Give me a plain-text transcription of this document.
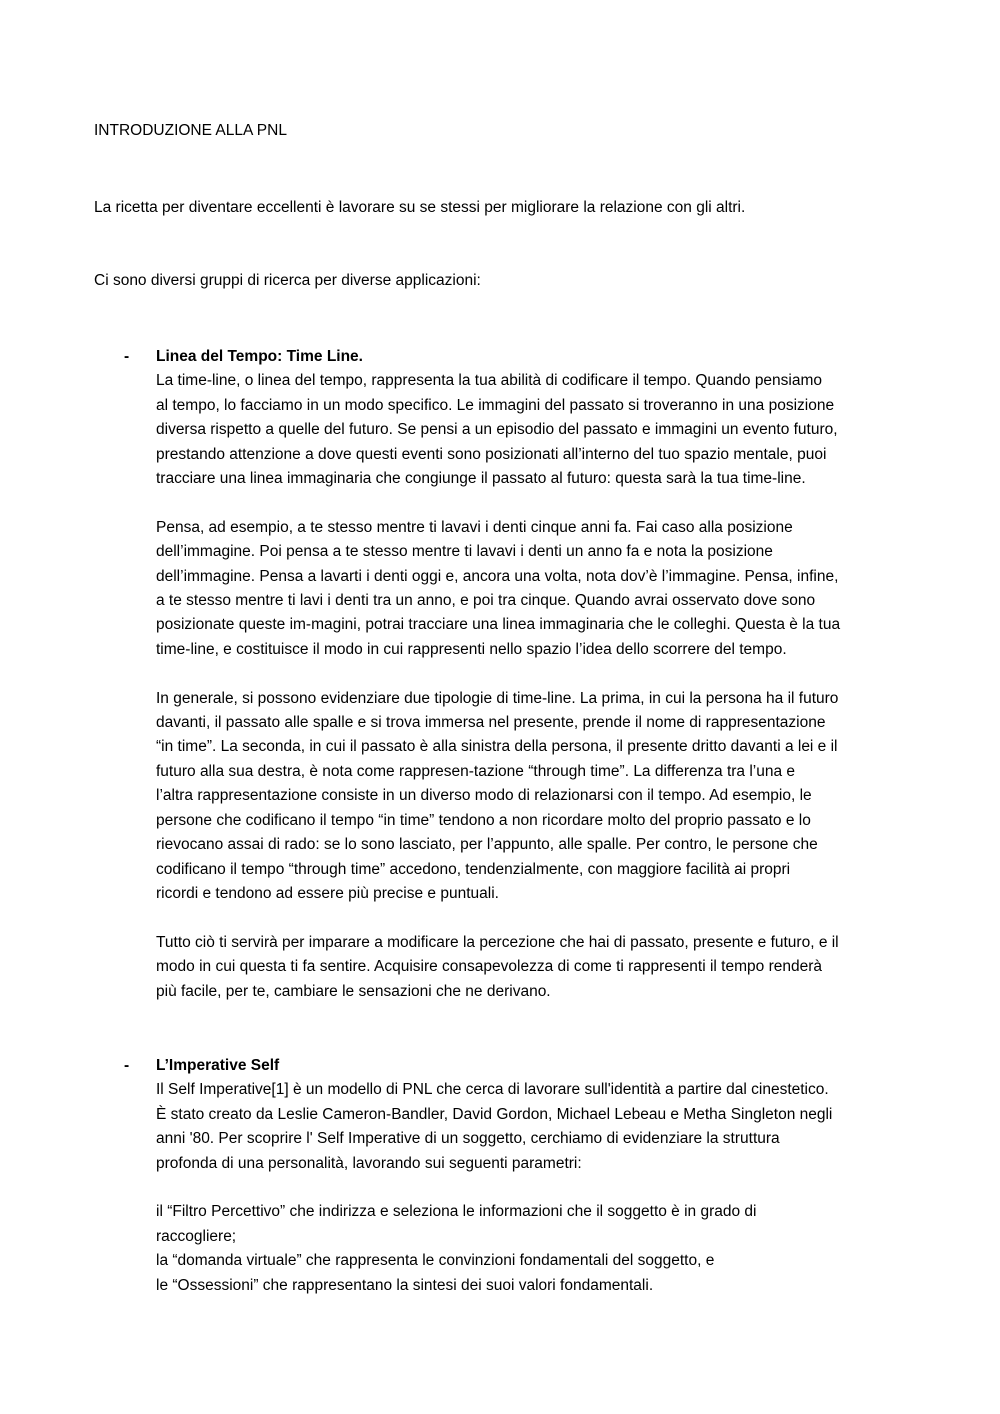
INTRODUZIONE ALLA PNL
La ricetta per diventare eccellenti è lavorare su se stessi per migliorare la relazione con gli altri.
Ci sono diversi gruppi di ricerca per diverse applicazioni:
- Linea del Tempo: Time Line.

La time-line, o linea del tempo, rappresenta la tua abilità di codificare il tempo. Quando pensiamo
al tempo, lo facciamo in un modo specifico. Le immagini del passato si troveranno in una posizione
diversa rispetto a quelle del futuro. Se pensi a un episodio del passato e immagini un evento futuro,
prestando attenzione a dove questi eventi sono posizionati all’interno del tuo spazio mentale, puoi
tracciare una linea immaginaria che congiunge il passato al futuro: questa sarà la tua time-line.

Pensa, ad esempio, a te stesso mentre ti lavavi i denti cinque anni fa. Fai caso alla posizione
dell’immagine. Poi pensa a te stesso mentre ti lavavi i denti un anno fa e nota la posizione
dell’immagine. Pensa a lavarti i denti oggi e, ancora una volta, nota dov’è l’immagine. Pensa, infine,
a te stesso mentre ti lavi i denti tra un anno, e poi tra cinque. Quando avrai osservato dove sono
posizionate queste im-magini, potrai tracciare una linea immaginaria che le colleghi. Questa è la tua
time-line, e costituisce il modo in cui rappresenti nello spazio l’idea dello scorrere del tempo.

In generale, si possono evidenziare due tipologie di time-line. La prima, in cui la persona ha il futuro
davanti, il passato alle spalle e si trova immersa nel presente, prende il nome di rappresentazione
“in time”. La seconda, in cui il passato è alla sinistra della persona, il presente dritto davanti a lei e il
futuro alla sua destra, è nota come rappresen-tazione “through time”. La differenza tra l’una e
l’altra rappresentazione consiste in un diverso modo di relazionarsi con il tempo. Ad esempio, le
persone che codificano il tempo “in time” tendono a non ricordare molto del proprio passato e lo
rievocano assai di rado: se lo sono lasciato, per l’appunto, alle spalle. Per contro, le persone che
codificano il tempo “through time” accedono, tendenzialmente, con maggiore facilità ai propri
ricordi e tendono ad essere più precise e puntuali.

Tutto ciò ti servirà per imparare a modificare la percezione che hai di passato, presente e futuro, e il
modo in cui questa ti fa sentire. Acquisire consapevolezza di come ti rappresenti il tempo renderà
più facile, per te, cambiare le sensazioni che ne derivano.

- L’Imperative Self

Il Self Imperative[1] è un modello di PNL che cerca di lavorare sull'identità a partire dal cinestetico.
È stato creato da Leslie Cameron-Bandler, David Gordon, Michael Lebeau e Metha Singleton negli
anni '80. Per scoprire l' Self Imperative di un soggetto, cerchiamo di evidenziare la struttura
profonda di una personalità, lavorando sui seguenti parametri:

il “Filtro Percettivo” che indirizza e seleziona le informazioni che il soggetto è in grado di
raccogliere;
la “domanda virtuale” che rappresenta le convinzioni fondamentali del soggetto, e
le “Ossessioni” che rappresentano la sintesi dei suoi valori fondamentali.
